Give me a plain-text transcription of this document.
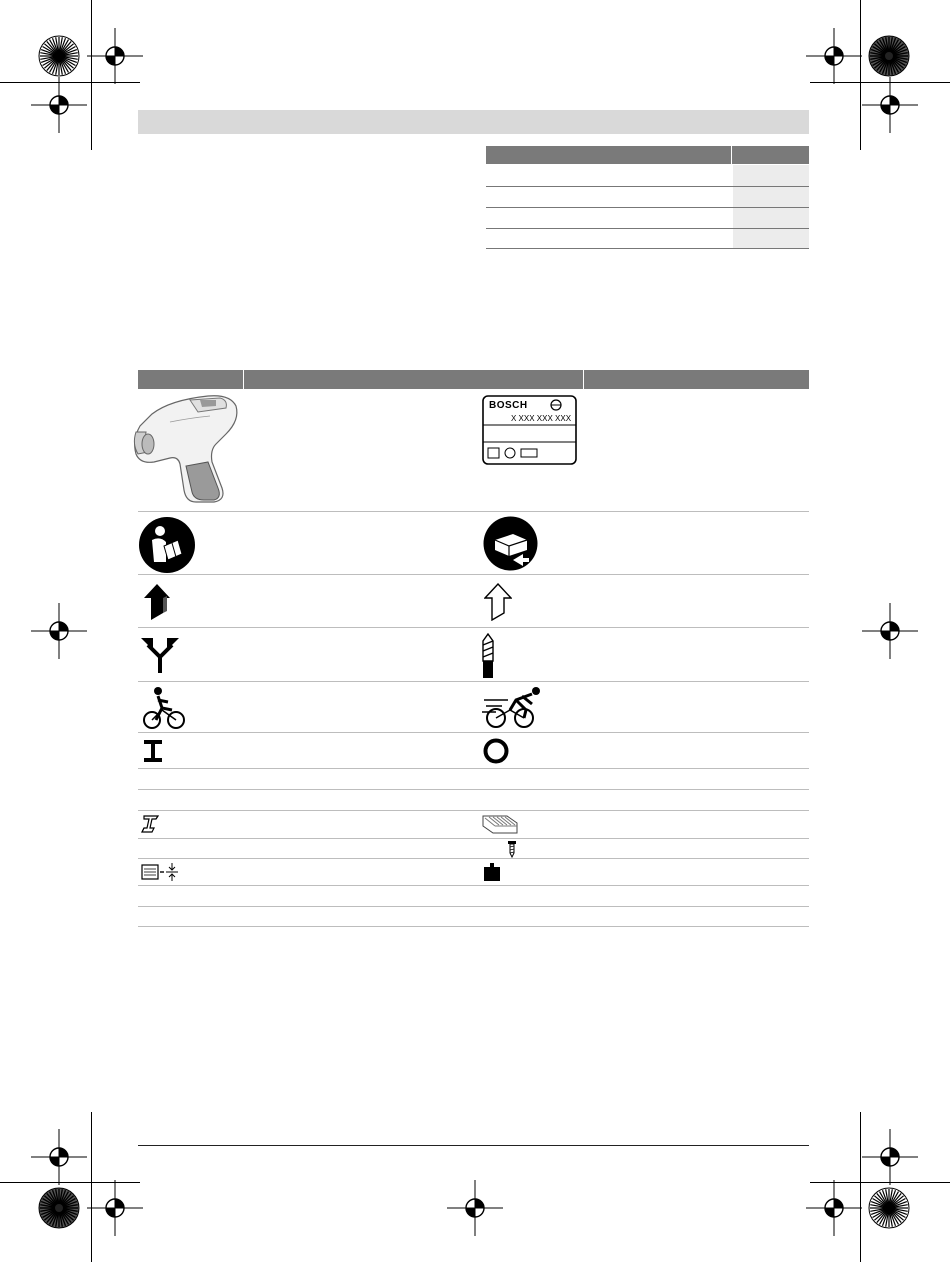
BOSCH
X XXX XXX XXX
